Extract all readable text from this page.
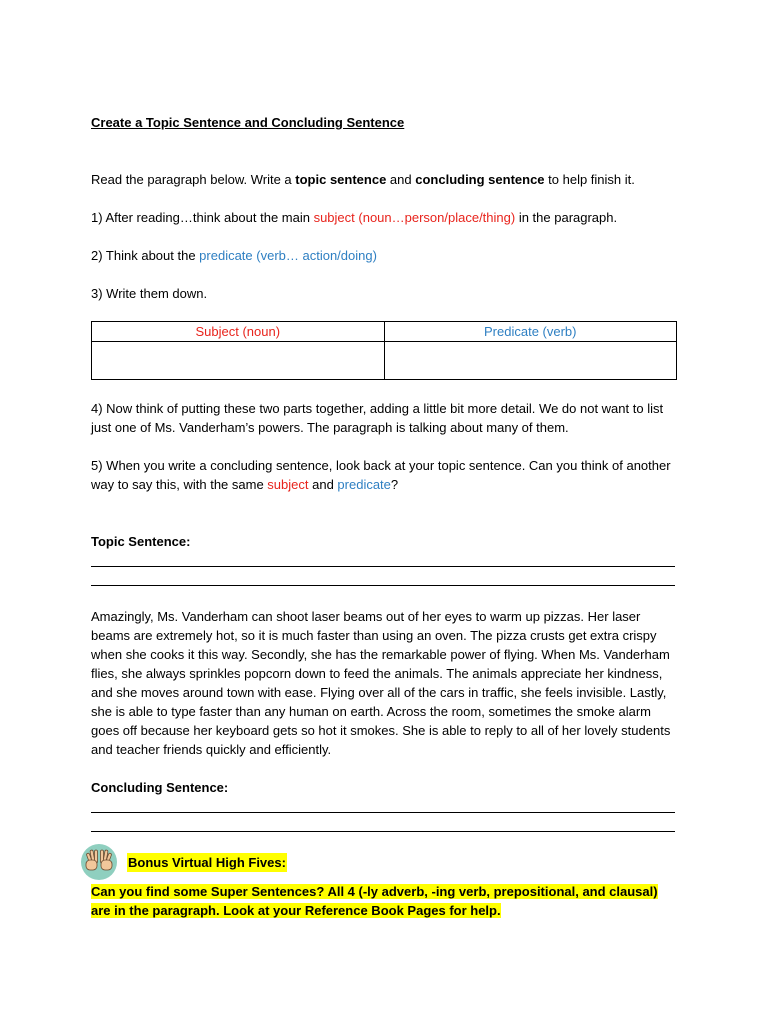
Create a Topic Sentence and Concluding Sentence

Read the paragraph below. Write a topic sentence and concluding sentence to help finish it.

1) After reading…think about the main subject (noun…person/place/thing) in the paragraph.

2) Think about the predicate (verb… action/doing)

3) Write them down.

Subject (noun)	Predicate (verb)

4) Now think of putting these two parts together, adding a little bit more detail. We do not want to list just one of Ms. Vanderham’s powers. The paragraph is talking about many of them.

5) When you write a concluding sentence, look back at your topic sentence. Can you think of another way to say this, with the same subject and predicate?

Topic Sentence:

Amazingly, Ms. Vanderham can shoot laser beams out of her eyes to warm up pizzas. Her laser beams are extremely hot, so it is much faster than using an oven. The pizza crusts get extra crispy when she cooks it this way. Secondly, she has the remarkable power of flying. When Ms. Vanderham flies, she always sprinkles popcorn down to feed the animals. The animals appreciate her kindness, and she moves around town with ease. Flying over all of the cars in traffic, she feels invisible. Lastly, she is able to type faster than any human on earth. Across the room, sometimes the smoke alarm goes off because her keyboard gets so hot it smokes. She is able to reply to all of her lovely students and teacher friends quickly and efficiently.

Concluding Sentence:

Bonus Virtual High Fives:

Can you find some Super Sentences? All 4 (-ly adverb, -ing verb, prepositional, and clausal) are in the paragraph. Look at your Reference Book Pages for help.
